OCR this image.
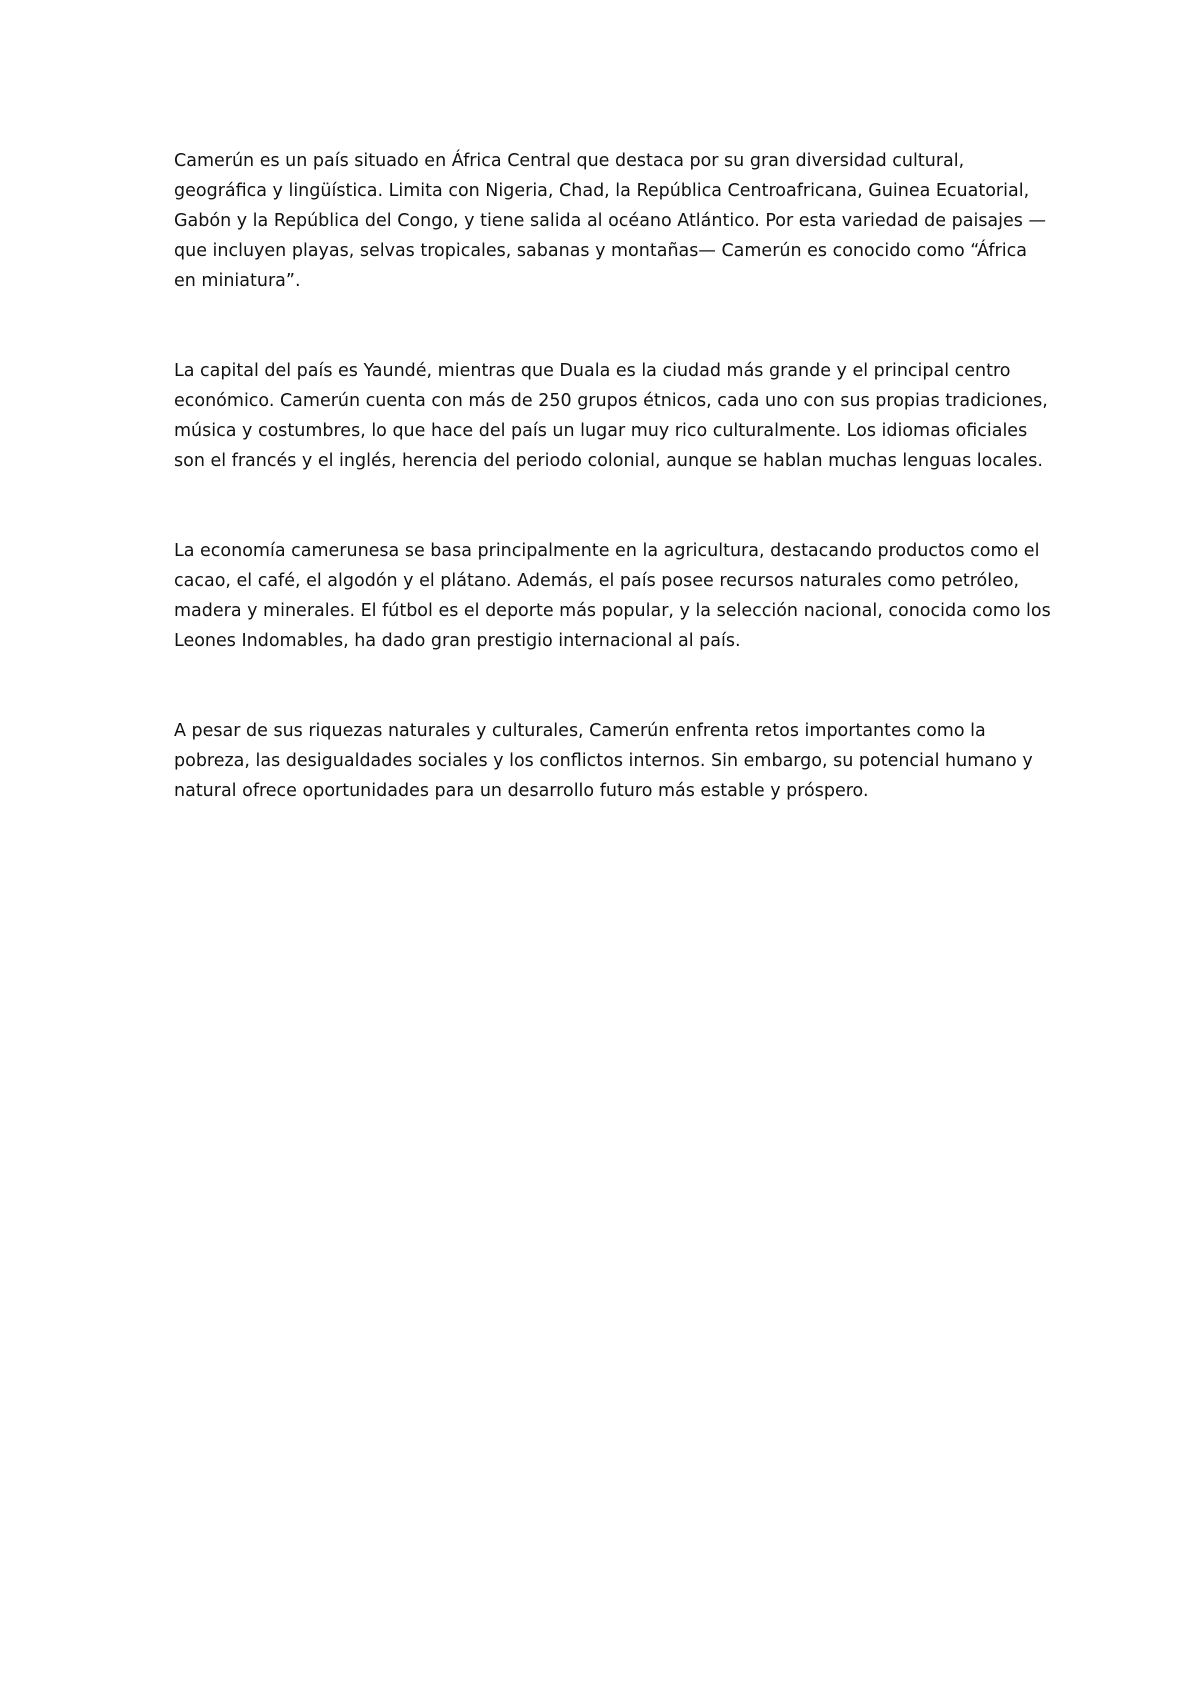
Camerún es un país situado en África Central que destaca por su gran diversidad cultural, geográfica y lingüística. Limita con Nigeria, Chad, la República Centroafricana, Guinea Ecuatorial, Gabón y la República del Congo, y tiene salida al océano Atlántico. Por esta variedad de paisajes —que incluyen playas, selvas tropicales, sabanas y montañas— Camerún es conocido como “África en miniatura”.

La capital del país es Yaundé, mientras que Duala es la ciudad más grande y el principal centro económico. Camerún cuenta con más de 250 grupos étnicos, cada uno con sus propias tradiciones, música y costumbres, lo que hace del país un lugar muy rico culturalmente. Los idiomas oficiales son el francés y el inglés, herencia del periodo colonial, aunque se hablan muchas lenguas locales.

La economía camerunesa se basa principalmente en la agricultura, destacando productos como el cacao, el café, el algodón y el plátano. Además, el país posee recursos naturales como petróleo, madera y minerales. El fútbol es el deporte más popular, y la selección nacional, conocida como los Leones Indomables, ha dado gran prestigio internacional al país.

A pesar de sus riquezas naturales y culturales, Camerún enfrenta retos importantes como la pobreza, las desigualdades sociales y los conflictos internos. Sin embargo, su potencial humano y natural ofrece oportunidades para un desarrollo futuro más estable y próspero.
